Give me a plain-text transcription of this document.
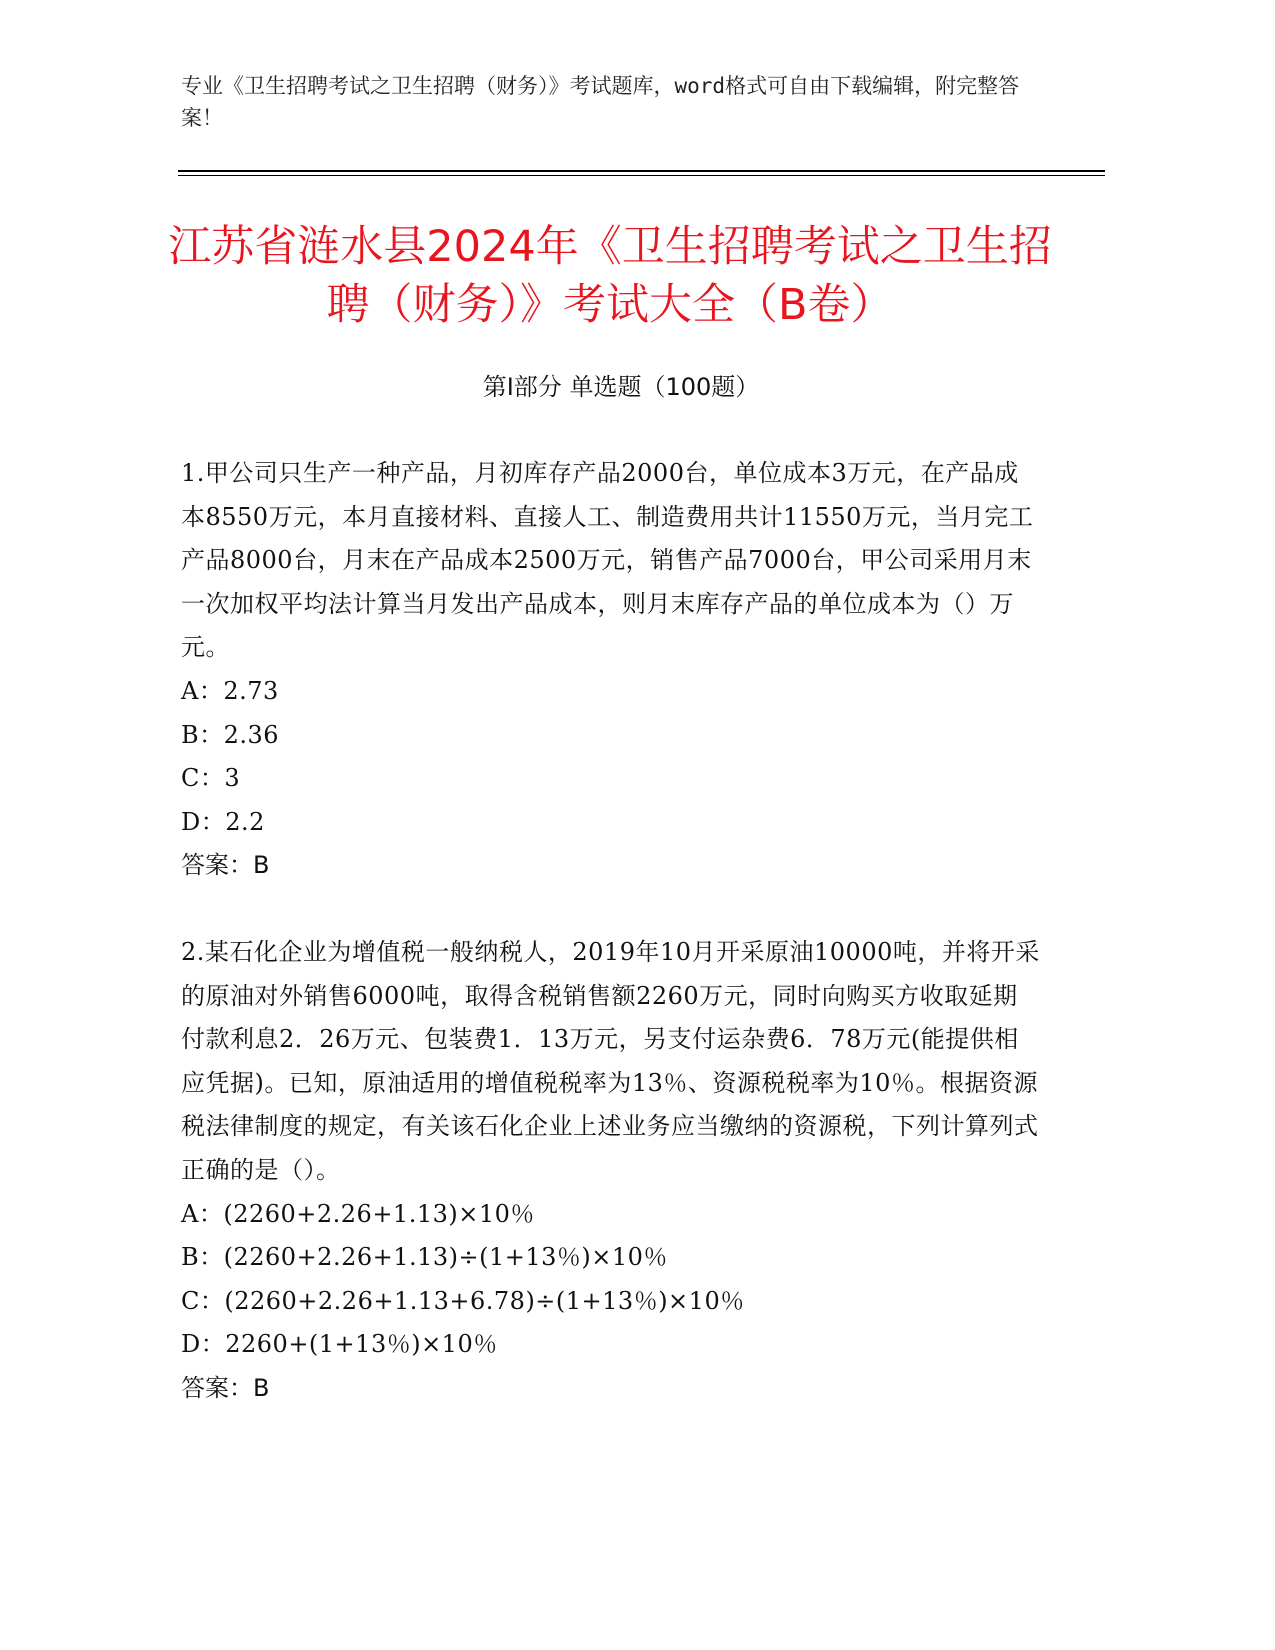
专业《卫生招聘考试之卫生招聘（财务）》考试题库，word格式可自由下载编辑，附完整答案！
江苏省涟水县2024年《卫生招聘考试之卫生招聘（财务）》考试大全（B卷）
第Ⅰ部分 单选题（100题）
1.甲公司只生产一种产品，月初库存产品2000台，单位成本3万元，在产品成本8550万元，本月直接材料、直接人工、制造费用共计11550万元，当月完工产品8000台，月末在产品成本2500万元，销售产品7000台，甲公司采用月末一次加权平均法计算当月发出产品成本，则月末库存产品的单位成本为（）万元。
A：2.73
B：2.36
C：3
D：2.2
答案：B
2.某石化企业为增值税一般纳税人，2019年10月开采原油10000吨，并将开采的原油对外销售6000吨，取得含税销售额2260万元，同时向购买方收取延期付款利息2．26万元、包装费1．13万元，另支付运杂费6．78万元(能提供相应凭据)。已知，原油适用的增值税税率为13％、资源税税率为10％。根据资源税法律制度的规定，有关该石化企业上述业务应当缴纳的资源税，下列计算列式正确的是（）。
A：(2260+2.26+1.13)×10％
B：(2260+2.26+1.13)÷(1+13％)×10％
C：(2260+2.26+1.13+6.78)÷(1+13％)×10％
D：2260+(1+13％)×10％
答案：B
